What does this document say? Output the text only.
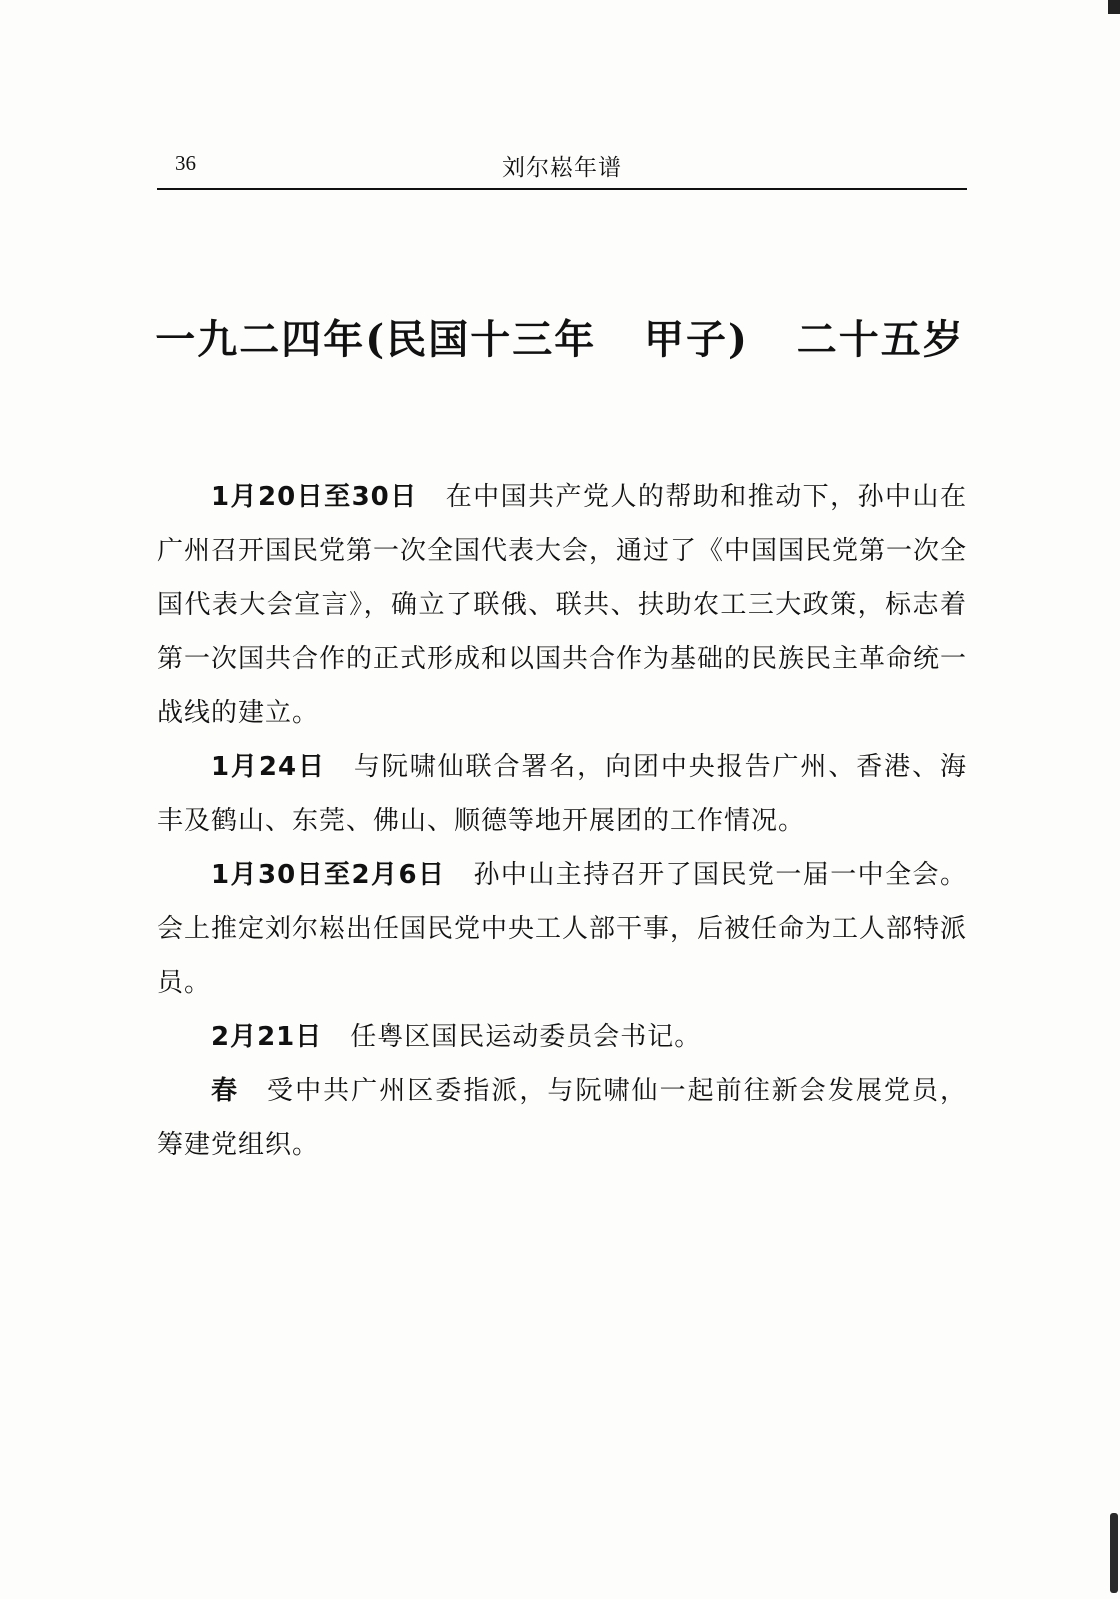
36	刘尔崧年谱
一九二四年(民国十三年   甲子)   二十五岁

1月20日至30日 在中国共产党人的帮助和推动下，孙中山在广州召开国民党第一次全国代表大会，通过了《中国国民党第一次全国代表大会宣言》，确立了联俄、联共、扶助农工三大政策，标志着第一次国共合作的正式形成和以国共合作为基础的民族民主革命统一战线的建立。

1月24日 与阮啸仙联合署名，向团中央报告广州、香港、海丰及鹤山、东莞、佛山、顺德等地开展团的工作情况。

1月30日至2月6日 孙中山主持召开了国民党一届一中全会。会上推定刘尔崧出任国民党中央工人部干事，后被任命为工人部特派员。

2月21日 任粤区国民运动委员会书记。

春 受中共广州区委指派，与阮啸仙一起前往新会发展党员，筹建党组织。
